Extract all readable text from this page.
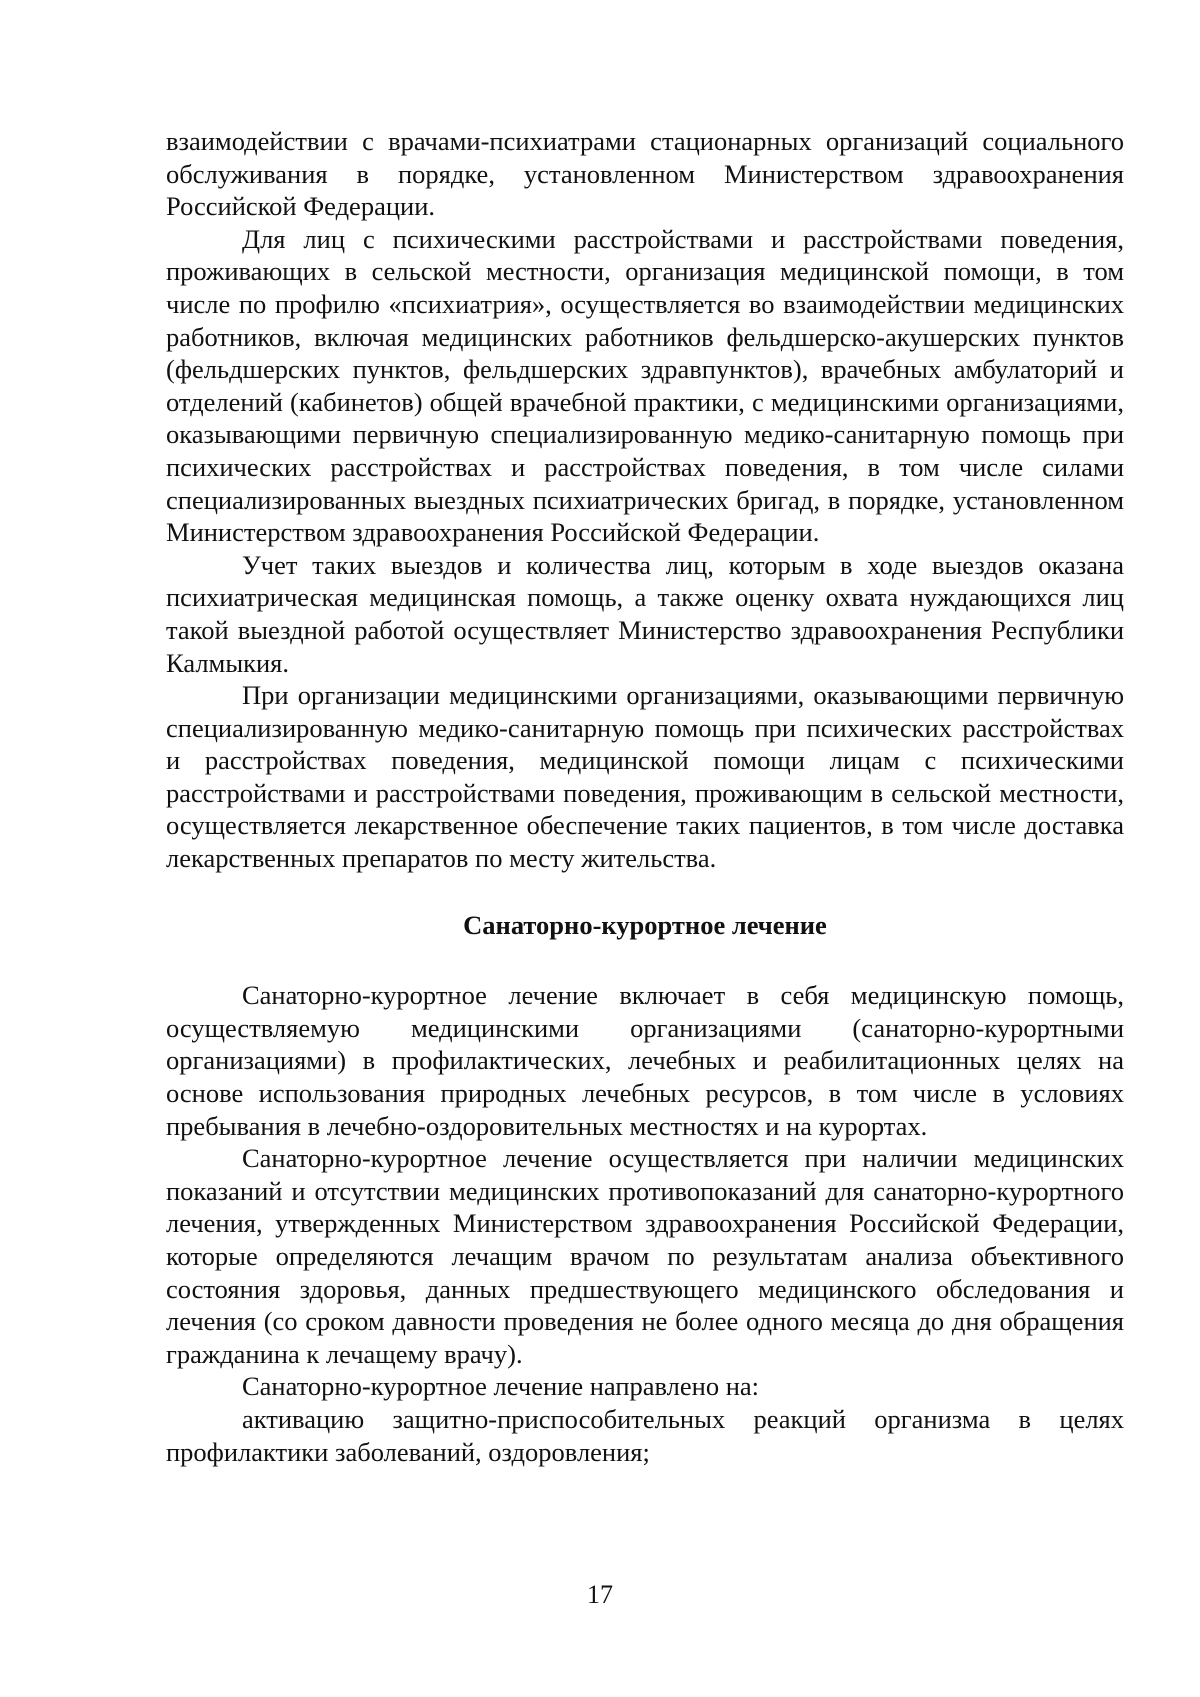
взаимодействии с врачами-психиатрами стационарных организаций социального обслуживания в порядке, установленном Министерством здравоохранения Российской Федерации.

Для лиц с психическими расстройствами и расстройствами поведения, проживающих в сельской местности, организация медицинской помощи, в том числе по профилю «психиатрия», осуществляется во взаимодействии медицинских работников, включая медицинских работников фельдшерско-акушерских пунктов (фельдшерских пунктов, фельдшерских здравпунктов), врачебных амбулаторий и отделений (кабинетов) общей врачебной практики, с медицинскими организациями, оказывающими первичную специализированную медико-санитарную помощь при психических расстройствах и расстройствах поведения, в том числе силами специализированных выездных психиатрических бригад, в порядке, установленном Министерством здравоохранения Российской Федерации.

Учет таких выездов и количества лиц, которым в ходе выездов оказана психиатрическая медицинская помощь, а также оценку охвата нуждающихся лиц такой выездной работой осуществляет Министерство здравоохранения Республики Калмыкия.

При организации медицинскими организациями, оказывающими первичную специализированную медико-санитарную помощь при психических расстройствах и расстройствах поведения, медицинской помощи лицам с психическими расстройствами и расстройствами поведения, проживающим в сельской местности, осуществляется лекарственное обеспечение таких пациентов, в том числе доставка лекарственных препаратов по месту жительства.

Санаторно-курортное лечение

Санаторно-курортное лечение включает в себя медицинскую помощь, осуществляемую медицинскими организациями (санаторно-курортными организациями) в профилактических, лечебных и реабилитационных целях на основе использования природных лечебных ресурсов, в том числе в условиях пребывания в лечебно-оздоровительных местностях и на курортах.

Санаторно-курортное лечение осуществляется при наличии медицинских показаний и отсутствии медицинских противопоказаний для санаторно-курортного лечения, утвержденных Министерством здравоохранения Российской Федерации, которые определяются лечащим врачом по результатам анализа объективного состояния здоровья, данных предшествующего медицинского обследования и лечения (со сроком давности проведения не более одного месяца до дня обращения гражданина к лечащему врачу).

Санаторно-курортное лечение направлено на:

активацию защитно-приспособительных реакций организма в целях профилактики заболеваний, оздоровления;

17
